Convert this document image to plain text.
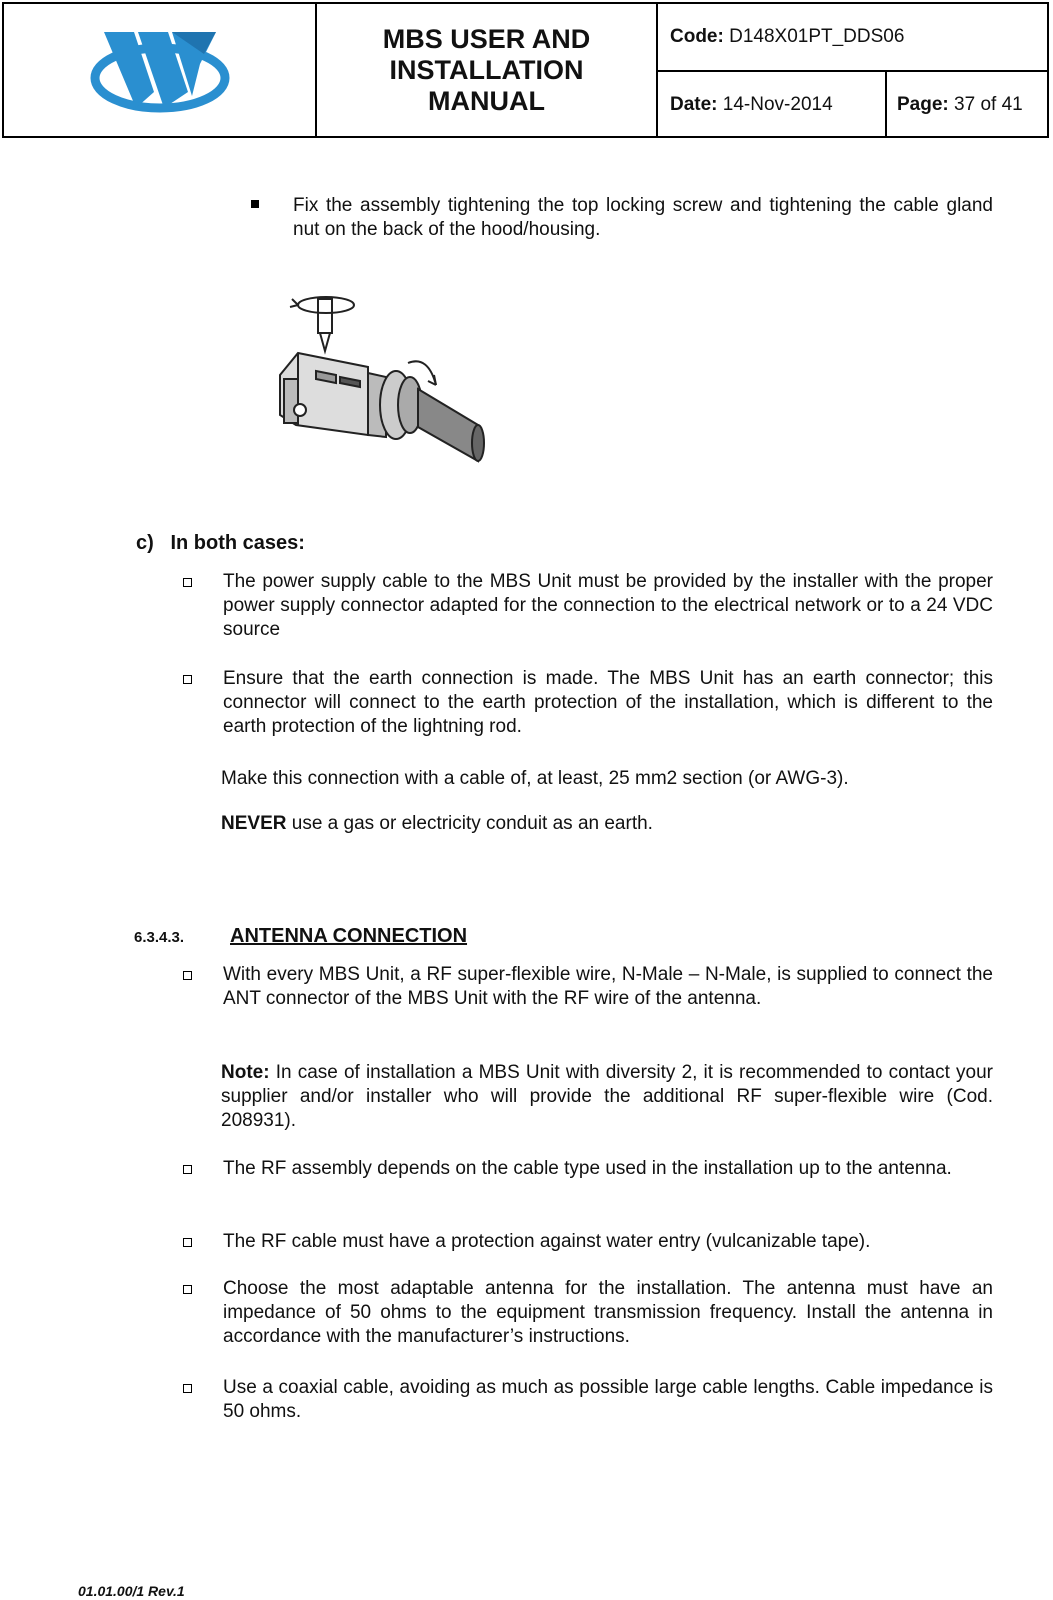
MBS USER AND
INSTALLATION
MANUAL
Code: D148X01PT_DDS06
Date: 14-Nov-2014	Page: 37 of 41
Fix the assembly tightening the top locking screw and tightening the cable gland nut on the back of the hood/housing.
c) In both cases:
The power supply cable to the MBS Unit must be provided by the installer with the proper power supply connector adapted for the connection to the electrical network or to a 24 VDC source
Ensure that the earth connection is made. The MBS Unit has an earth connector; this connector will connect to the earth protection of the installation, which is different to the earth protection of the lightning rod.
Make this connection with a cable of, at least, 25 mm2 section (or AWG-3).
NEVER use a gas or electricity conduit as an earth.
6.3.4.3. ANTENNA CONNECTION
With every MBS Unit, a RF super-flexible wire, N-Male – N-Male, is supplied to connect the ANT connector of the MBS Unit with the RF wire of the antenna.
Note: In case of installation a MBS Unit with diversity 2, it is recommended to contact your supplier and/or installer who will provide the additional RF super-flexible wire (Cod. 208931).
The RF assembly depends on the cable type used in the installation up to the antenna.
The RF cable must have a protection against water entry (vulcanizable tape).
Choose the most adaptable antenna for the installation. The antenna must have an impedance of 50 ohms to the equipment transmission frequency. Install the antenna in accordance with the manufacturer’s instructions.
Use a coaxial cable, avoiding as much as possible large cable lengths. Cable impedance is 50 ohms.
01.01.00/1 Rev.1
